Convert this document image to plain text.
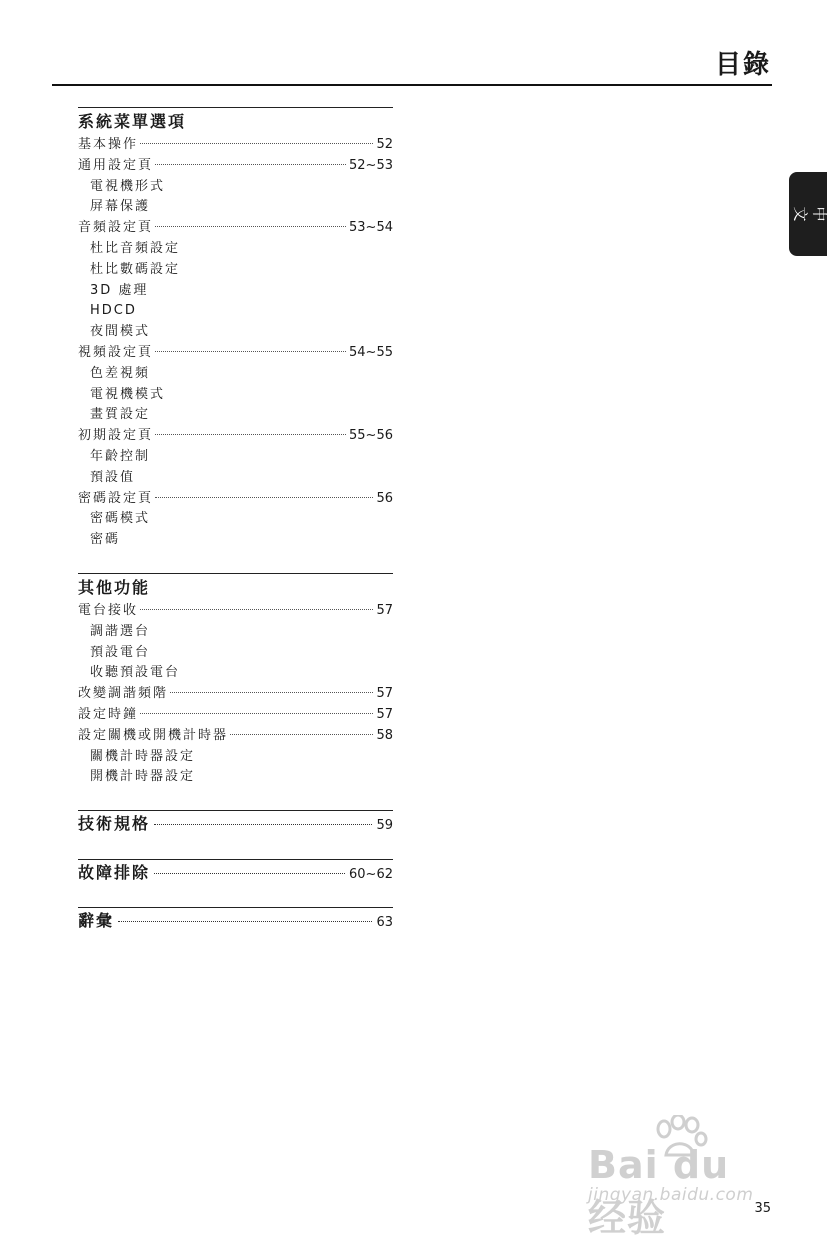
目錄
中文
系統菜單選項
基本操作	52
通用設定頁	52~53
電視機形式
屏幕保護
音頻設定頁	53~54
杜比音頻設定
杜比數碼設定
3D 處理
HDCD
夜間模式
視頻設定頁	54~55
色差視頻
電視機模式
畫質設定
初期設定頁	55~56
年齡控制
預設值
密碼設定頁	56
密碼模式
密碼
其他功能
電台接收	57
調諧選台
預設電台
收聽預設電台
改變調諧頻階	57
設定時鐘	57
設定關機或開機計時器	58
關機計時器設定
開機計時器設定
技術規格	59
故障排除	60~62
辭彙	63
Bai du 经验
jingyan.baidu.com
35
